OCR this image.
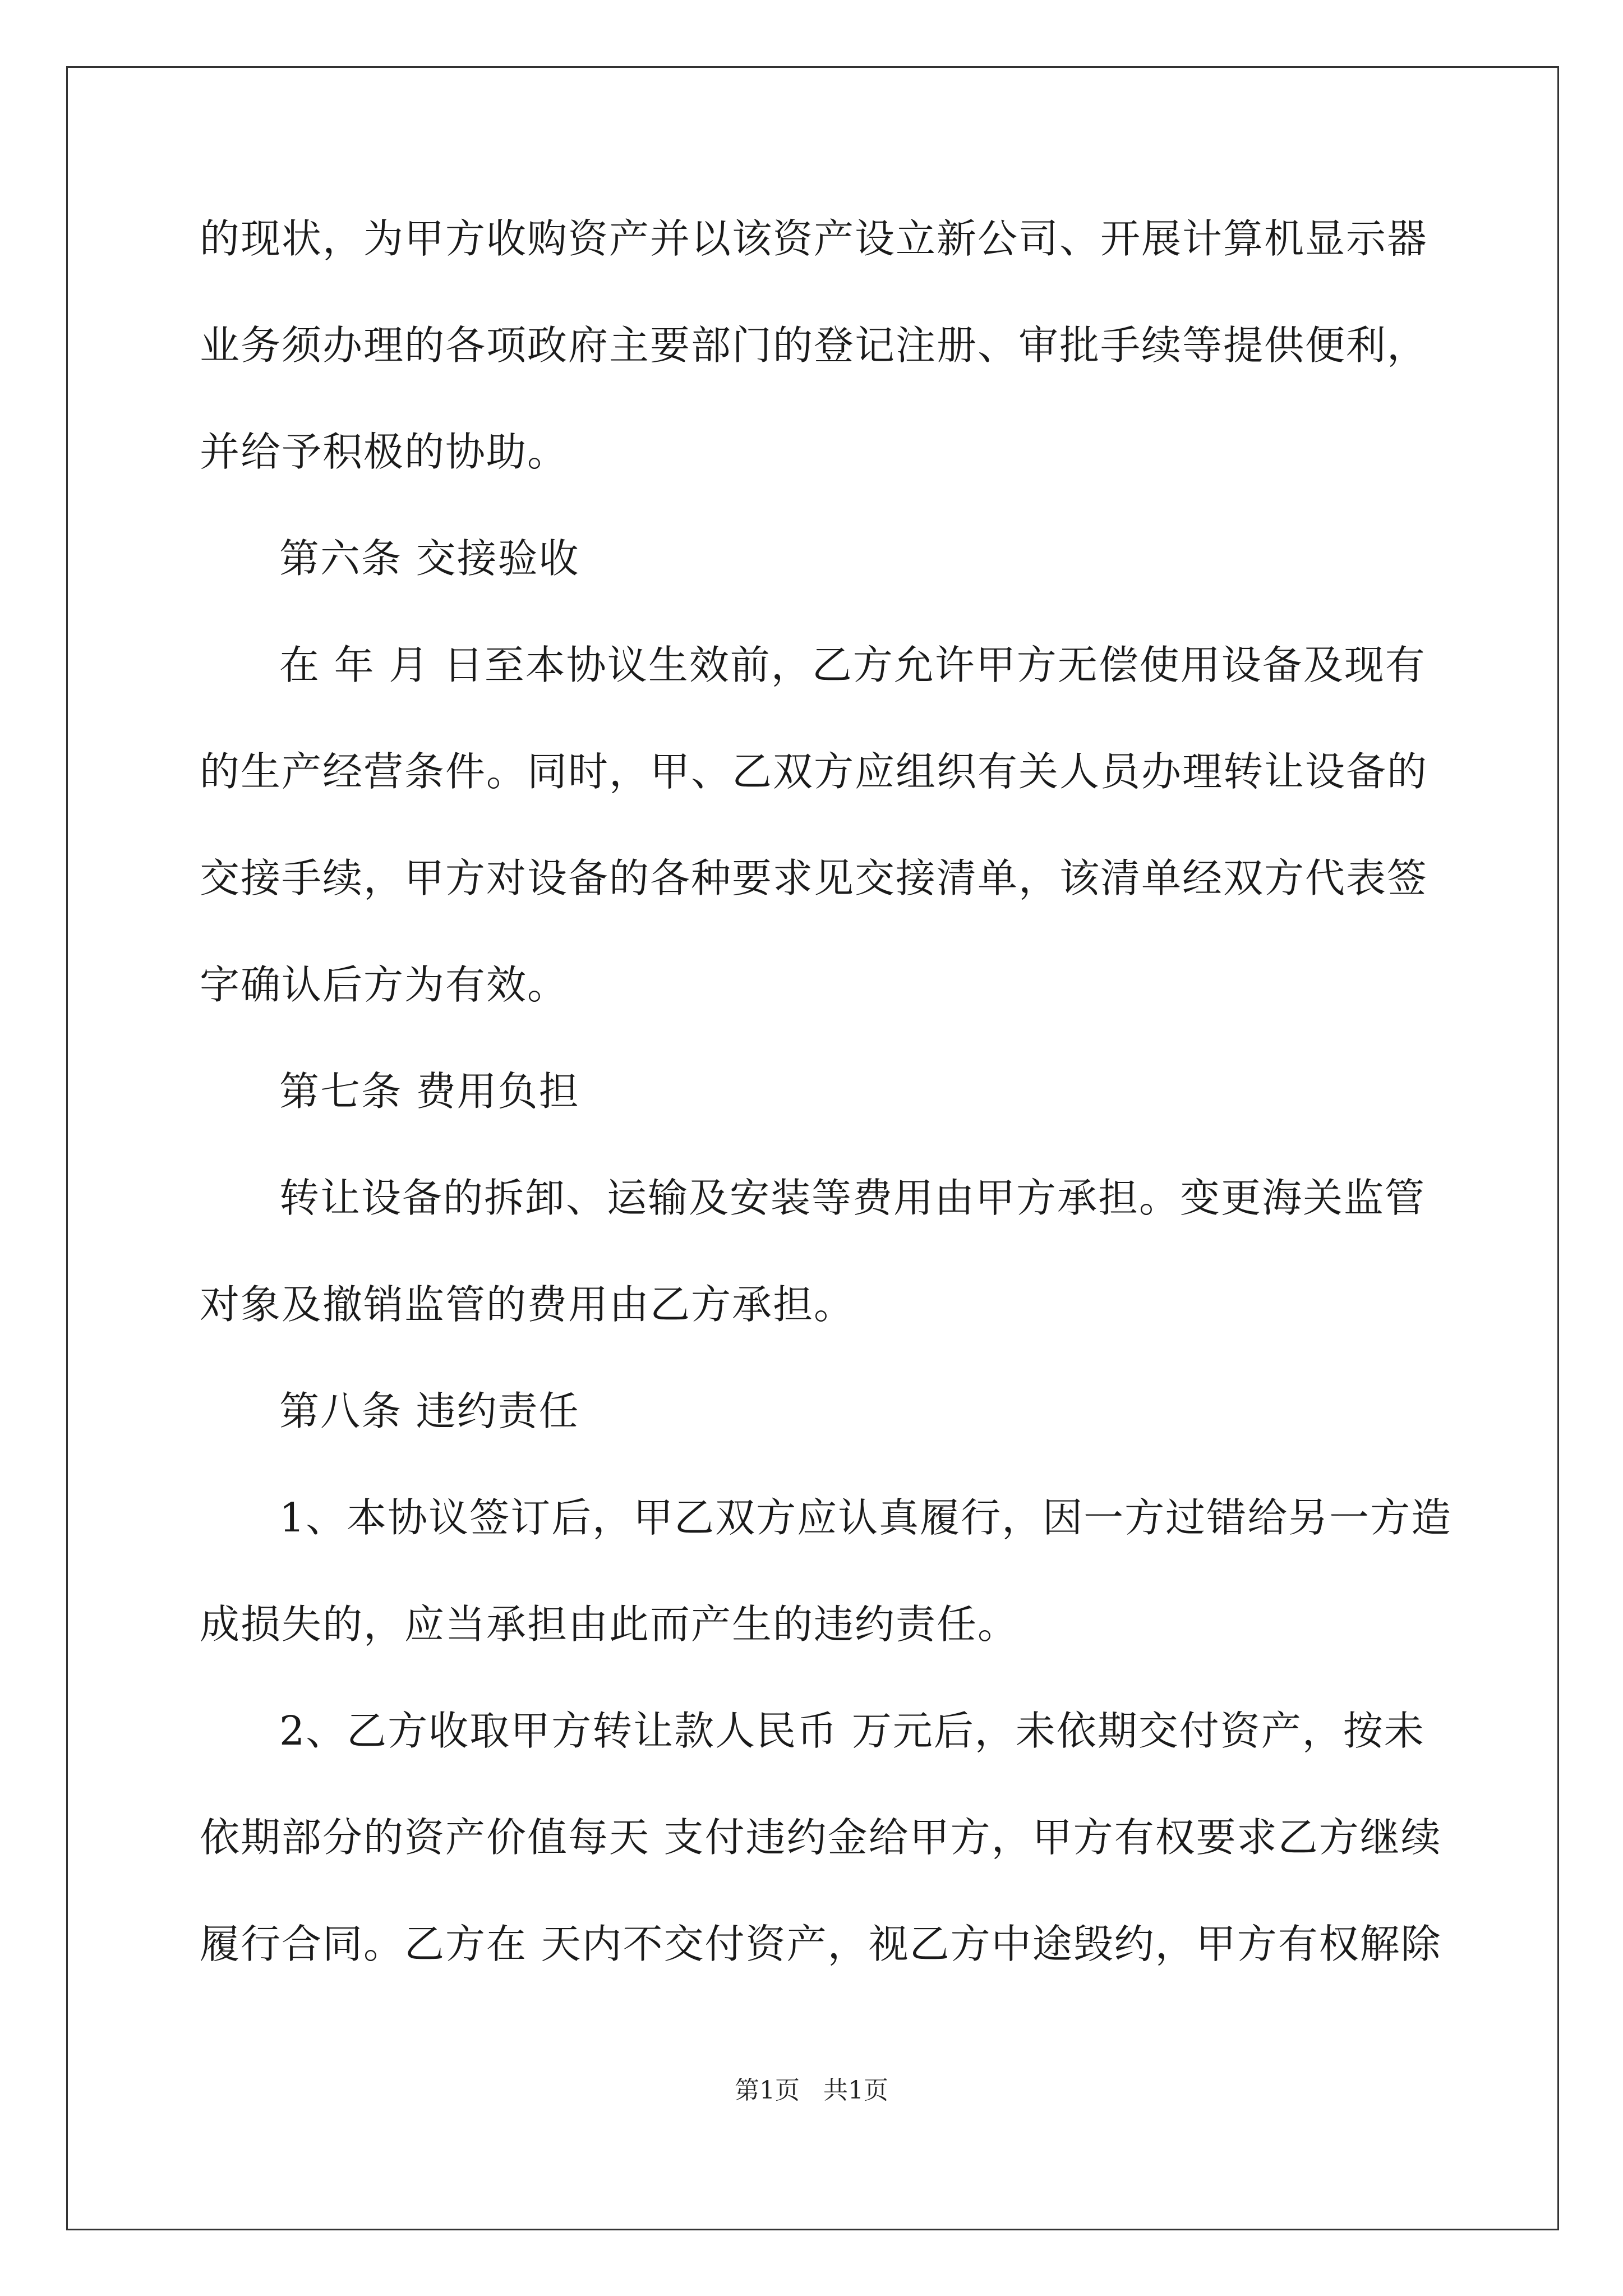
的现状，为甲方收购资产并以该资产设立新公司、开展计算机显示器
业务须办理的各项政府主要部门的登记注册、审批手续等提供便利，
并给予积极的协助。
第六条 交接验收
在 年 月 日至本协议生效前，乙方允许甲方无偿使用设备及现有
的生产经营条件。同时，甲、乙双方应组织有关人员办理转让设备的
交接手续，甲方对设备的各种要求见交接清单，该清单经双方代表签
字确认后方为有效。
第七条 费用负担
转让设备的拆卸、运输及安装等费用由甲方承担。变更海关监管
对象及撤销监管的费用由乙方承担。
第八条 违约责任
1、本协议签订后，甲乙双方应认真履行，因一方过错给另一方造
成损失的，应当承担由此而产生的违约责任。
2、乙方收取甲方转让款人民币 万元后，未依期交付资产，按未
依期部分的资产价值每天 支付违约金给甲方，甲方有权要求乙方继续
履行合同。乙方在 天内不交付资产，视乙方中途毁约，甲方有权解除
第1页   共1页
